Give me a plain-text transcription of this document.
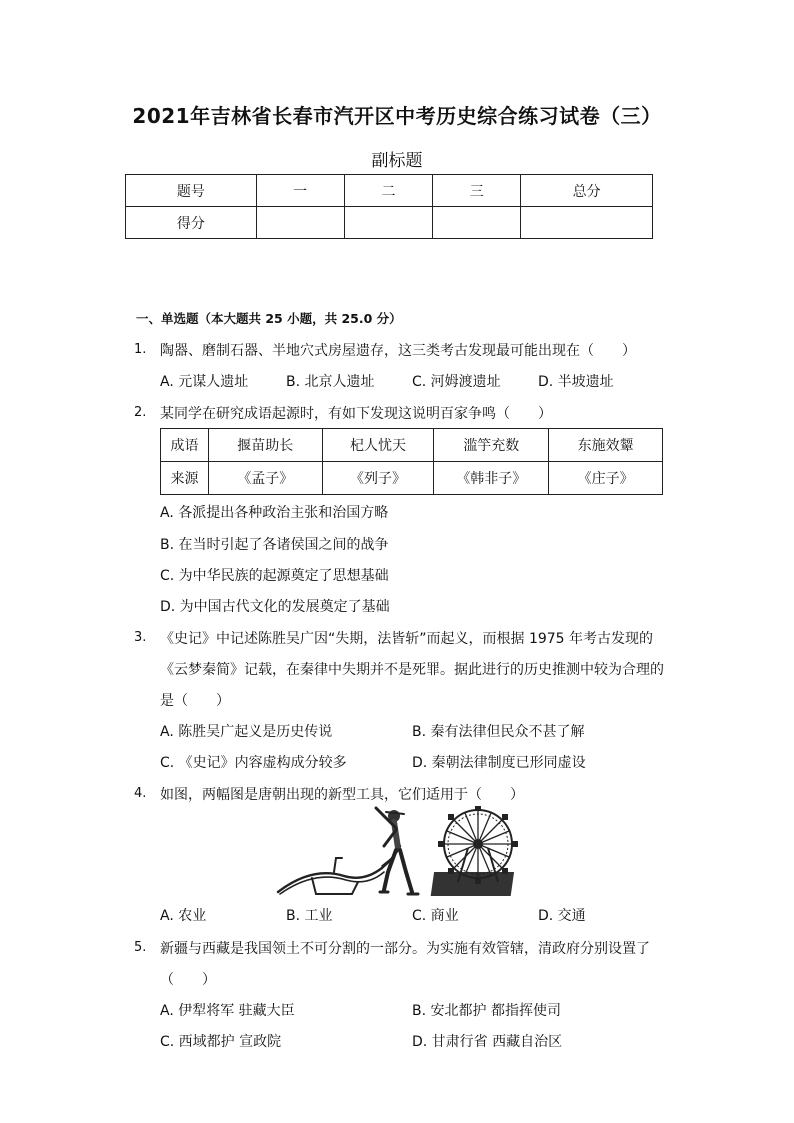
2021年吉林省长春市汽开区中考历史综合练习试卷（三）
副标题
题号	一	二	三	总分
得分				
一、单选题（本大题共 25 小题，共 25.0 分）
1. 陶器、磨制石器、半地穴式房屋遗存，这三类考古发现最可能出现在（　　）
A. 元谋人遗址	B. 北京人遗址	C. 河姆渡遗址	D. 半坡遗址
2. 某同学在研究成语起源时，有如下发现这说明百家争鸣（　　）
成语	揠苗助长	杞人忧天	滥竽充数	东施效颦
来源	《孟子》	《列子》	《韩非子》	《庄子》
A. 各派提出各种政治主张和治国方略
B. 在当时引起了各诸侯国之间的战争
C. 为中华民族的起源奠定了思想基础
D. 为中国古代文化的发展奠定了基础
3. 《史记》中记述陈胜吴广因“失期，法皆斩”而起义，而根据 1975 年考古发现的
《云梦秦简》记载，在秦律中失期并不是死罪。据此进行的历史推测中较为合理的
是（　　）
A. 陈胜吴广起义是历史传说	B. 秦有法律但民众不甚了解
C. 《史记》内容虚构成分较多	D. 秦朝法律制度已形同虚设
4. 如图，两幅图是唐朝出现的新型工具，它们适用于（　　）
A. 农业	B. 工业	C. 商业	D. 交通
5. 新疆与西藏是我国领土不可分割的一部分。为实施有效管辖，清政府分别设置了
（　　）
A. 伊犁将军 驻藏大臣	B. 安北都护 都指挥使司
C. 西域都护 宣政院	D. 甘肃行省 西藏自治区
